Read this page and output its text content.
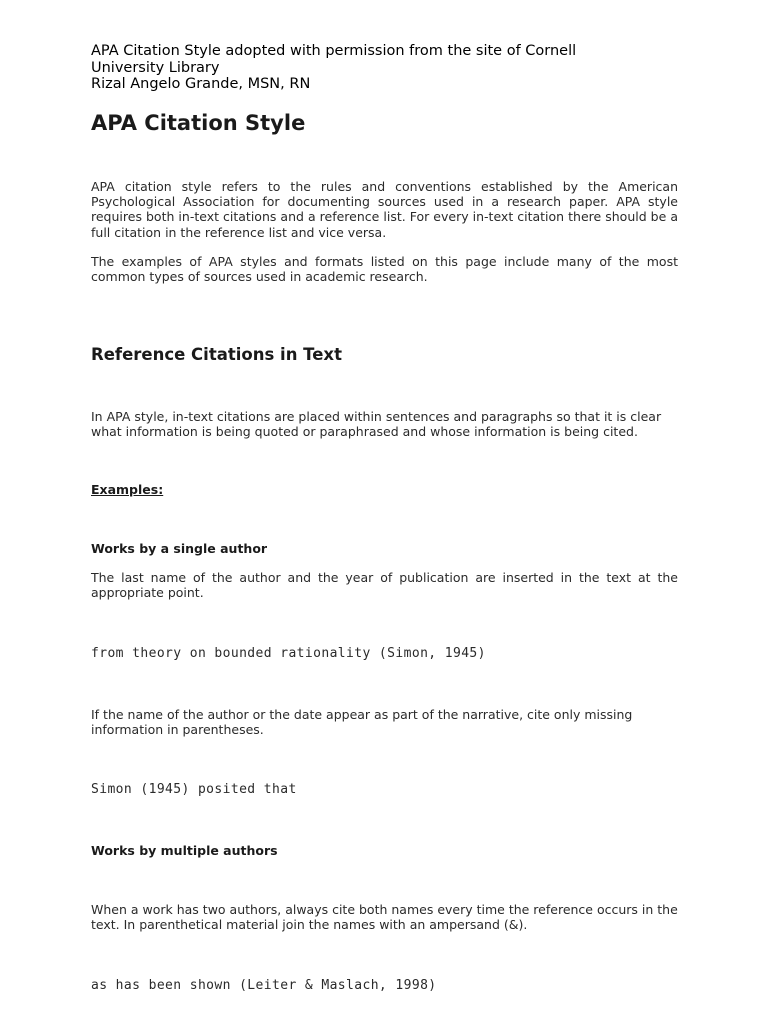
APA Citation Style adopted with permission from the site of Cornell
University Library
Rizal Angelo Grande, MSN, RN
APA Citation Style
APA citation style refers to the rules and conventions established by the American Psychological Association for documenting sources used in a research paper. APA style requires both in-text citations and a reference list. For every in-text citation there should be a full citation in the reference list and vice versa.
The examples of APA styles and formats listed on this page include many of the most common types of sources used in academic research.
Reference Citations in Text
In APA style, in-text citations are placed within sentences and paragraphs so that it is clear what information is being quoted or paraphrased and whose information is being cited.
Examples:
Works by a single author
The last name of the author and the year of publication are inserted in the text at the appropriate point.
from theory on bounded rationality (Simon, 1945)
If the name of the author or the date appear as part of the narrative, cite only missing information in parentheses.
Simon (1945) posited that
Works by multiple authors
When a work has two authors, always cite both names every time the reference occurs in the text. In parenthetical material join the names with an ampersand (&).
as has been shown (Leiter & Maslach, 1998)
